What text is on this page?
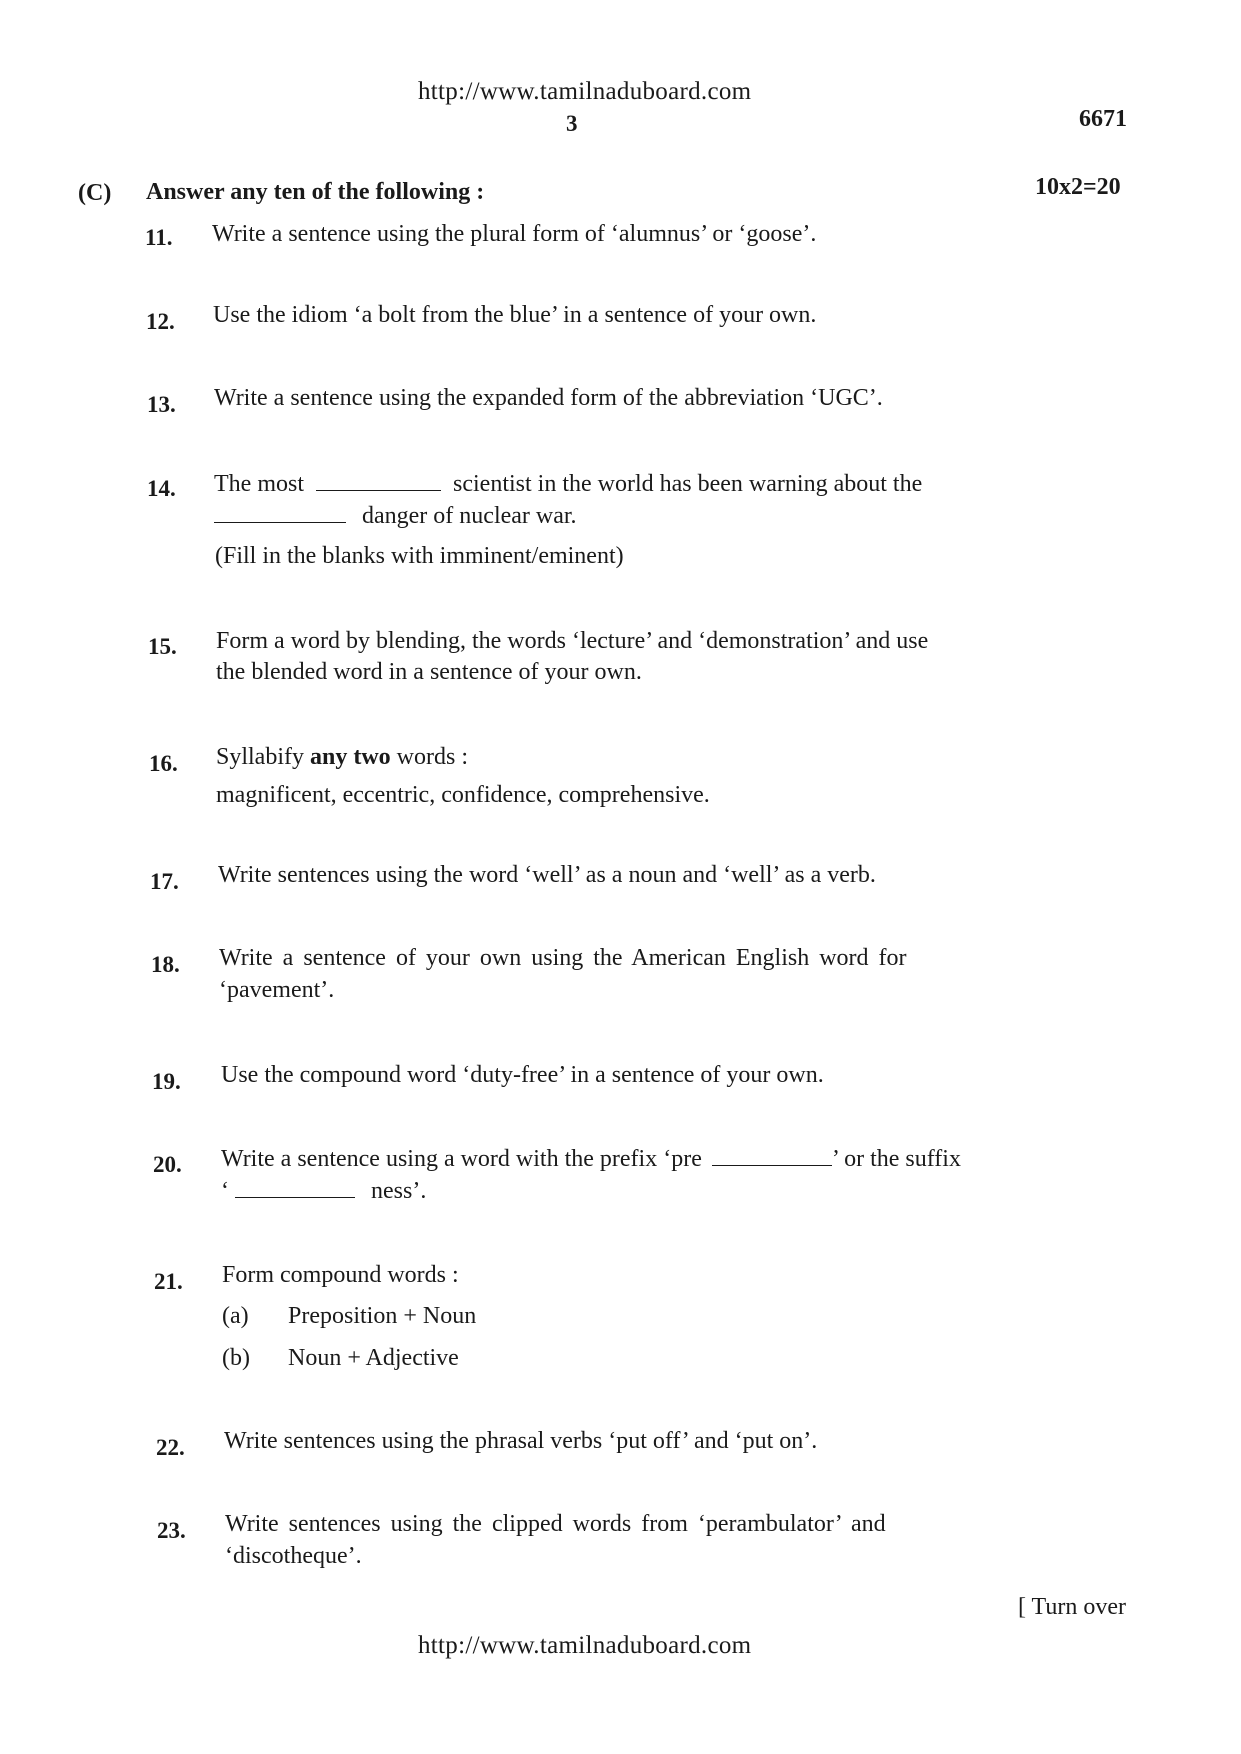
http://www.tamilnaduboard.com
3	6671
(C) Answer any ten of the following :	10x2=20
11. Write a sentence using the plural form of ‘alumnus’ or ‘goose’.
12. Use the idiom ‘a bolt from the blue’ in a sentence of your own.
13. Write a sentence using the expanded form of the abbreviation ‘UGC’.
14. The most	scientist in the world has been warning about the
danger of nuclear war.
(Fill in the blanks with imminent/eminent)
15. Form a word by blending, the words ‘lecture’ and ‘demonstration’ and use
the blended word in a sentence of your own.
16. Syllabify any two words :
magnificent, eccentric, confidence, comprehensive.
17. Write sentences using the word ‘well’ as a noun and ‘well’ as a verb.
18. Write a sentence of your own using the American English word for
‘pavement’.
19. Use the compound word ‘duty-free’ in a sentence of your own.
20. Write a sentence using a word with the prefix ‘pre	’ or the suffix
‘	ness’.
21. Form compound words :
(a) Preposition + Noun
(b) Noun + Adjective
22. Write sentences using the phrasal verbs ‘put off’ and ‘put on’.
23. Write sentences using the clipped words from ‘perambulator’ and
‘discotheque’.
[ Turn over
http://www.tamilnaduboard.com
